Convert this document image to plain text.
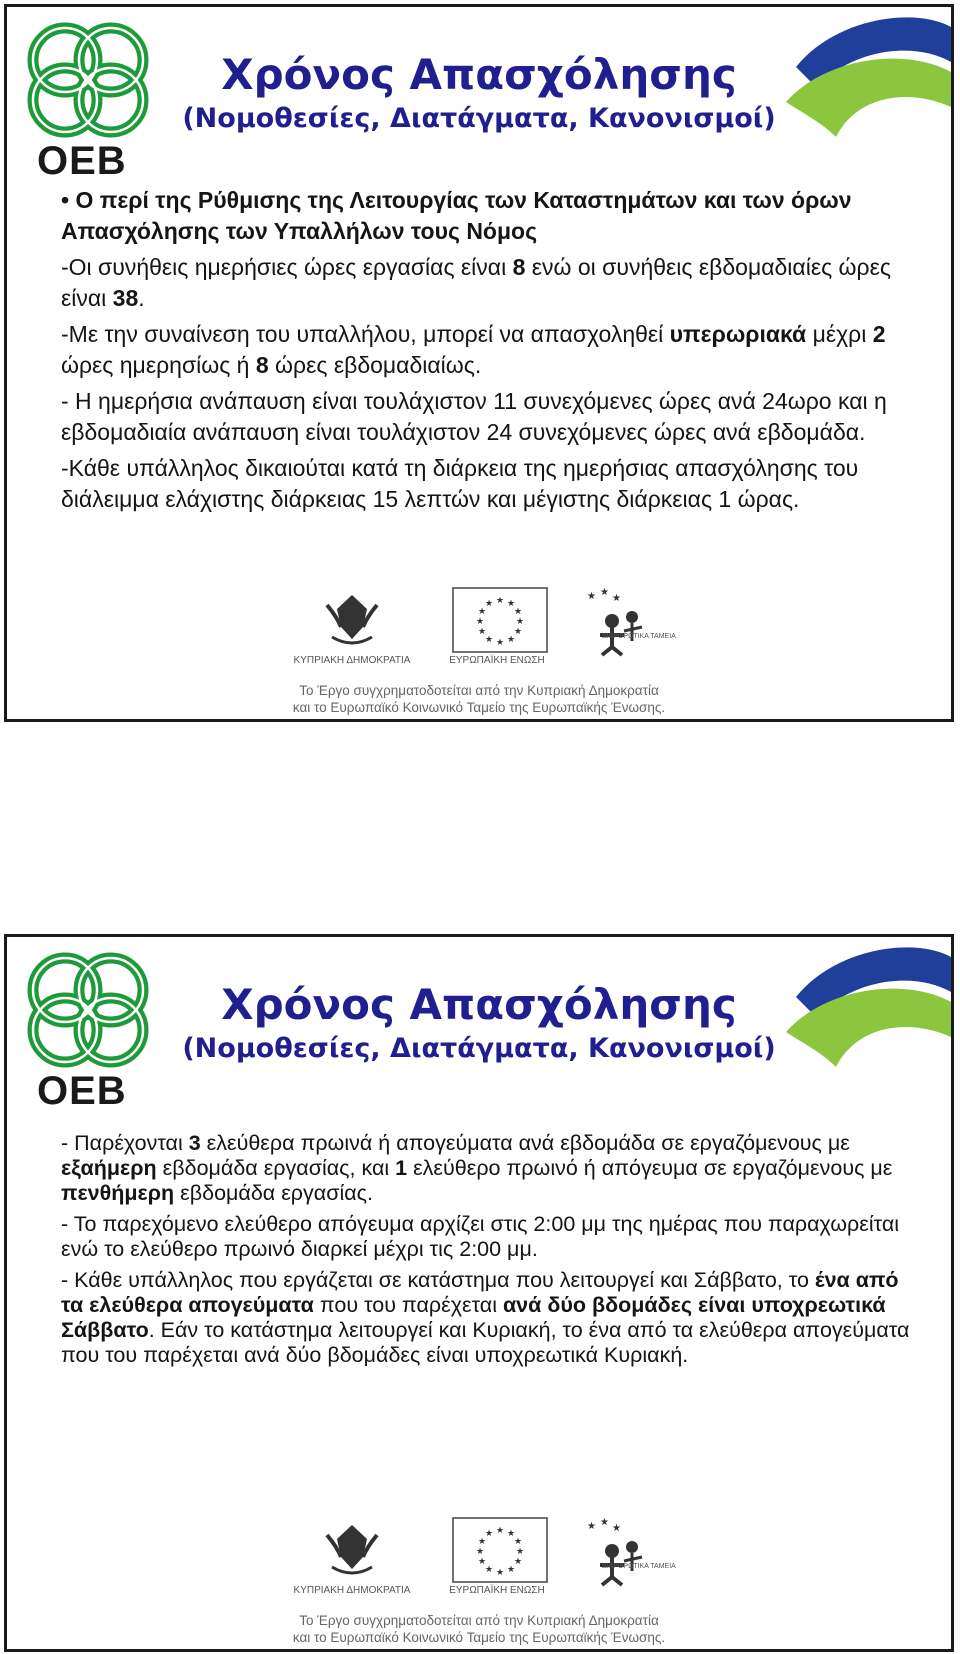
ΟΕΒ
Χρόνος Απασχόλησης
(Νομοθεσίες, Διατάγματα, Κανονισμοί)

• Ο περί της Ρύθμισης της Λειτουργίας των Καταστημάτων και των όρων Απασχόλησης των Υπαλλήλων τους Νόμος

-Οι συνήθεις ημερήσιες ώρες εργασίας είναι 8 ενώ οι συνήθεις εβδομαδιαίες ώρες είναι 38.

-Με την συναίνεση του υπαλλήλου, μπορεί να απασχοληθεί υπερωριακά μέχρι 2 ώρες ημερησίως ή 8 ώρες εβδομαδιαίως.

- Η ημερήσια ανάπαυση είναι τουλάχιστον 11 συνεχόμενες ώρες ανά 24ωρο και η εβδομαδιαία ανάπαυση είναι τουλάχιστον 24 συνεχόμενες ώρες ανά εβδομάδα.

-Κάθε υπάλληλος δικαιούται κατά τη διάρκεια της ημερήσιας απασχόλησης του διάλειμμα ελάχιστης διάρκειας 15 λεπτών και μέγιστης διάρκειας 1 ώρας.

ΚΥΠΡΙΑΚΗ ΔΗΜΟΚΡΑΤΙΑ
★ ★
★
★
★
★
★
★
★
★
★
★
ΕΥΡΩΠΑΪΚΗ ΕΝΩΣΗ
★ ★
★
ΔΙΑΡΘΡΩΤΙΚΑ ΤΑΜΕΙΑ
Το Έργο συγχρηματοδοτείται από την Κυπριακή Δημοκρατία
και το Ευρωπαϊκό Κοινωνικό Ταμείο της Ευρωπαϊκής Ένωσης.
ΟΕΒ
Χρόνος Απασχόλησης
(Νομοθεσίες, Διατάγματα, Κανονισμοί)

- Παρέχονται 3 ελεύθερα πρωινά ή απογεύματα ανά εβδομάδα σε εργαζόμενους με εξαήμερη εβδομάδα εργασίας, και 1 ελεύθερο πρωινό ή απόγευμα σε εργαζόμενους με πενθήμερη εβδομάδα εργασίας.

- Το παρεχόμενο ελεύθερο απόγευμα αρχίζει στις 2:00 μμ της ημέρας που παραχωρείται ενώ το ελεύθερο πρωινό διαρκεί μέχρι τις 2:00 μμ.

- Κάθε υπάλληλος που εργάζεται σε κατάστημα που λειτουργεί και Σάββατο, το ένα από τα ελεύθερα απογεύματα που του παρέχεται ανά δύο βδομάδες είναι υποχρεωτικά Σάββατο. Εάν το κατάστημα λειτουργεί και Κυριακή, το ένα από τα ελεύθερα απογεύματα που του παρέχεται ανά δύο βδομάδες είναι υποχρεωτικά Κυριακή.

ΚΥΠΡΙΑΚΗ ΔΗΜΟΚΡΑΤΙΑ
★ ★
★
★
★
★
★
★
★
★
★
★
ΕΥΡΩΠΑΪΚΗ ΕΝΩΣΗ
★ ★
★
ΔΙΑΡΘΡΩΤΙΚΑ ΤΑΜΕΙΑ
Το Έργο συγχρηματοδοτείται από την Κυπριακή Δημοκρατία
και το Ευρωπαϊκό Κοινωνικό Ταμείο της Ευρωπαϊκής Ένωσης.
